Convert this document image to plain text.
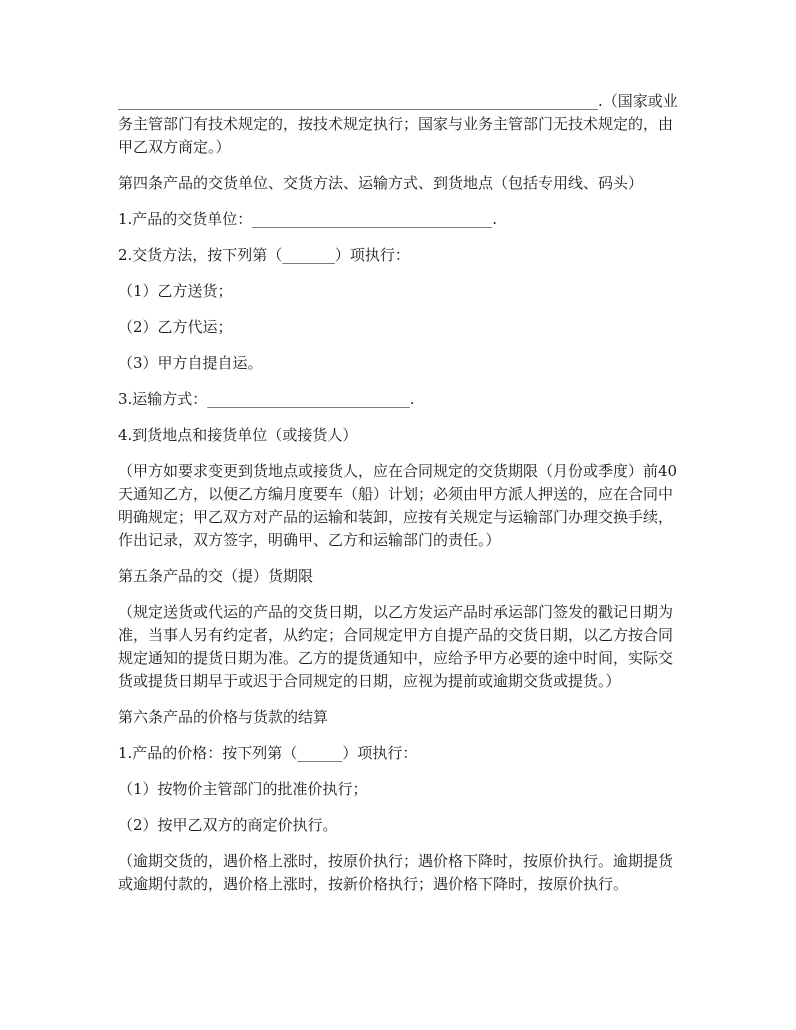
________________________________________________________________.（国家或业务主管部门有技术规定的，按技术规定执行；国家与业务主管部门无技术规定的，由甲乙双方商定。）

第四条产品的交货单位、交货方法、运输方式、到货地点（包括专用线、码头）

1.产品的交货单位：________________________________.

2.交货方法，按下列第（_______）项执行：

（1）乙方送货；

（2）乙方代运；

（3）甲方自提自运。

3.运输方式：___________________________.

4.到货地点和接货单位（或接货人）

（甲方如要求变更到货地点或接货人，应在合同规定的交货期限（月份或季度）前40天通知乙方，以便乙方编月度要车（船）计划；必须由甲方派人押送的，应在合同中明确规定；甲乙双方对产品的运输和装卸，应按有关规定与运输部门办理交换手续，作出记录，双方签字，明确甲、乙方和运输部门的责任。）

第五条产品的交（提）货期限

（规定送货或代运的产品的交货日期，以乙方发运产品时承运部门签发的戳记日期为准，当事人另有约定者，从约定；合同规定甲方自提产品的交货日期，以乙方按合同规定通知的提货日期为准。乙方的提货通知中，应给予甲方必要的途中时间，实际交货或提货日期早于或迟于合同规定的日期，应视为提前或逾期交货或提货。）

第六条产品的价格与货款的结算

1.产品的价格：按下列第（______）项执行：

（1）按物价主管部门的批准价执行；

（2）按甲乙双方的商定价执行。

（逾期交货的，遇价格上涨时，按原价执行；遇价格下降时，按原价执行。逾期提货或逾期付款的，遇价格上涨时，按新价格执行；遇价格下降时，按原价执行。
